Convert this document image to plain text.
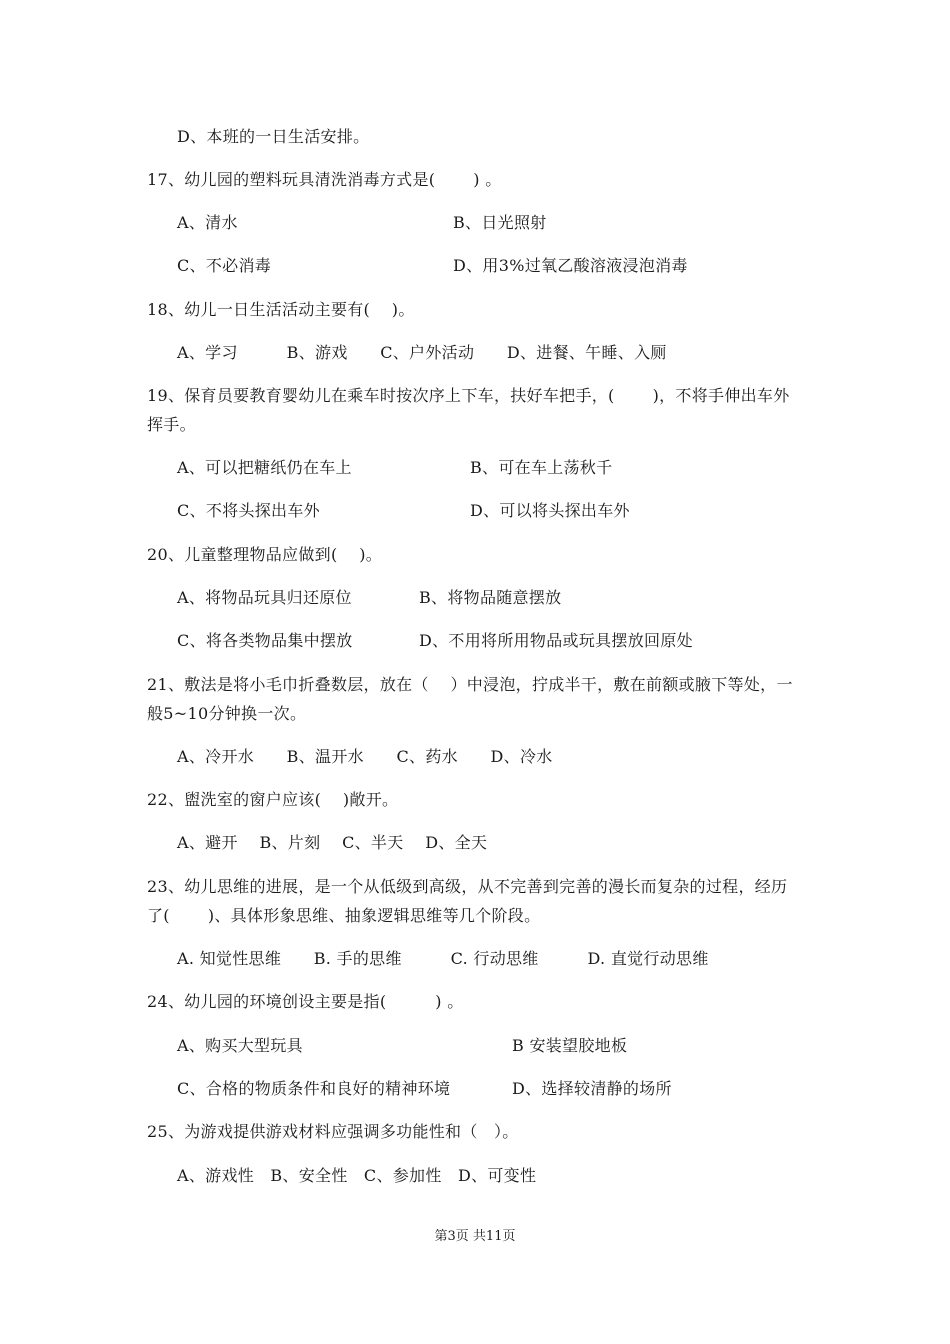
D、本班的一日生活安排。
17、幼儿园的塑料玩具清洗消毒方式是(　　 ) 。
A、清水	B、日光照射
C、不必消毒	D、用3%过氧乙酸溶液浸泡消毒
18、幼儿一日生活活动主要有(　 )。
A、学习　　　B、游戏　　C、户外活动　　D、进餐、午睡、入厕
19、保育员要教育婴幼儿在乘车时按次序上下车，扶好车把手，(　　 )，不将手伸出车外
挥手。
A、可以把糖纸仍在车上	B、可在车上荡秋千
C、不将头探出车外	D、可以将头探出车外
20、儿童整理物品应做到(　 )。
A、将物品玩具归还原位	B、将物品随意摆放
C、将各类物品集中摆放	D、不用将所用物品或玩具摆放回原处
21、敷法是将小毛巾折叠数层，放在（　 ）中浸泡，拧成半干，敷在前额或腋下等处，一
般5~10分钟换一次。
A、冷开水　　B、温开水　　C、药水　　D、冷水
22、盥洗室的窗户应该(　 )敞开。
A、避开　 B、片刻　 C、半天　 D、全天
23、幼儿思维的进展，是一个从低级到高级，从不完善到完善的漫长而复杂的过程，经历
了(　　 )、具体形象思维、抽象逻辑思维等几个阶段。
A. 知觉性思维　　B. 手的思维　　　C. 行动思维　　　D. 直觉行动思维
24、幼儿园的环境创设主要是指(　　　) 。
A、购买大型玩具	B 安装望胶地板
C、合格的物质条件和良好的精神环境	D、选择较清静的场所
25、为游戏提供游戏材料应强调多功能性和（　）。
A、游戏性　B、安全性　C、参加性　D、可变性
第3页 共11页
